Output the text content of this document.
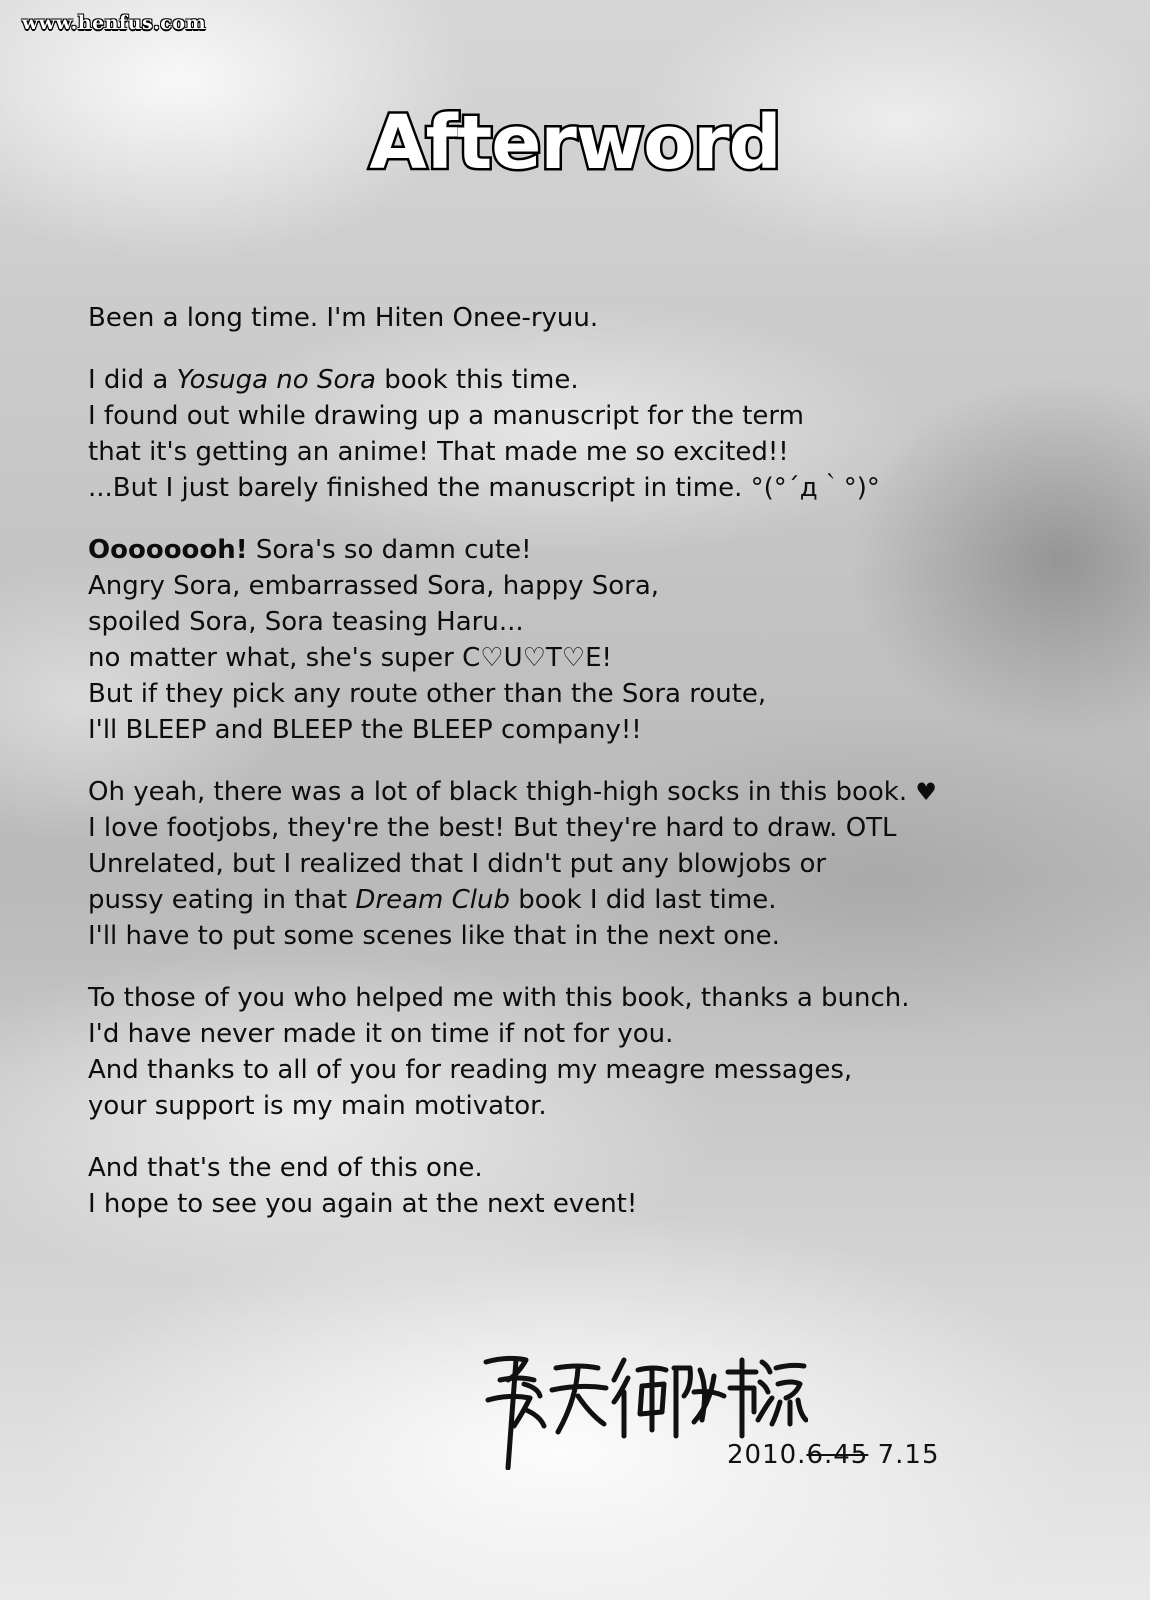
www.henfus.com
Afterword
Been a long time. I'm Hiten Onee-ryuu.
I did a Yosuga no Sora book this time.
I found out while drawing up a manuscript for the term
that it's getting an anime! That made me so excited!!
...But I just barely finished the manuscript in time. °(°´д｀°)°
Oooooooh! Sora's so damn cute!
Angry Sora, embarrassed Sora, happy Sora,
spoiled Sora, Sora teasing Haru...
no matter what, she's super C♡U♡T♡E!
But if they pick any route other than the Sora route,
I'll BLEEP and BLEEP the BLEEP company!!
Oh yeah, there was a lot of black thigh-high socks in this book. ♥
I love footjobs, they're the best! But they're hard to draw. OTL
Unrelated, but I realized that I didn't put any blowjobs or
pussy eating in that Dream Club book I did last time.
I'll have to put some scenes like that in the next one.
To those of you who helped me with this book, thanks a bunch.
I'd have never made it on time if not for you.
And thanks to all of you for reading my meagre messages,
your support is my main motivator.
And that's the end of this one.
I hope to see you again at the next event!
2010.6.45 7.15
